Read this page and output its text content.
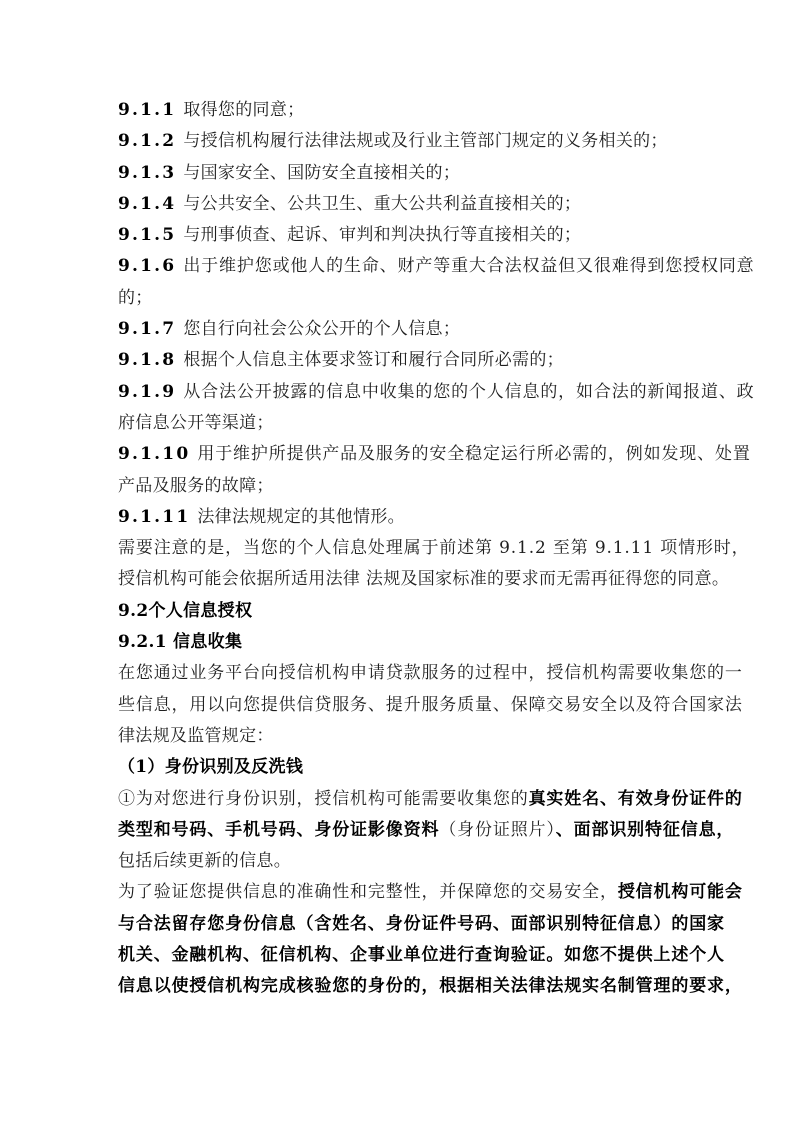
9.1.1 取得您的同意；
9.1.2 与授信机构履行法律法规或及行业主管部门规定的义务相关的；
9.1.3 与国家安全、国防安全直接相关的；
9.1.4 与公共安全、公共卫生、重大公共利益直接相关的；
9.1.5 与刑事侦查、起诉、审判和判决执行等直接相关的；
9.1.6 出于维护您或他人的生命、财产等重大合法权益但又很难得到您授权同意
的；
9.1.7 您自行向社会公众公开的个人信息；
9.1.8 根据个人信息主体要求签订和履行合同所必需的；
9.1.9 从合法公开披露的信息中收集的您的个人信息的，如合法的新闻报道、政
府信息公开等渠道；
9.1.10 用于维护所提供产品及服务的安全稳定运行所必需的，例如发现、处置
产品及服务的故障；
9.1.11 法律法规规定的其他情形。
需要注意的是，当您的个人信息处理属于前述第 9.1.2 至第 9.1.11 项情形时，
授信机构可能会依据所适用法律 法规及国家标准的要求而无需再征得您的同意。
9.2个人信息授权
9.2.1 信息收集
在您通过业务平台向授信机构申请贷款服务的过程中，授信机构需要收集您的一
些信息，用以向您提供信贷服务、提升服务质量、保障交易安全以及符合国家法
律法规及监管规定：
（1）身份识别及反洗钱
①为对您进行身份识别，授信机构可能需要收集您的真实姓名、有效身份证件的
类型和号码、手机号码、身份证影像资料（身份证照片）、面部识别特征信息，
包括后续更新的信息。
为了验证您提供信息的准确性和完整性，并保障您的交易安全，授信机构可能会
与合法留存您身份信息（含姓名、身份证件号码、面部识别特征信息）的国家
机关、金融机构、征信机构、企事业单位进行查询验证。如您不提供上述个人
信息以使授信机构完成核验您的身份的，根据相关法律法规实名制管理的要求，
